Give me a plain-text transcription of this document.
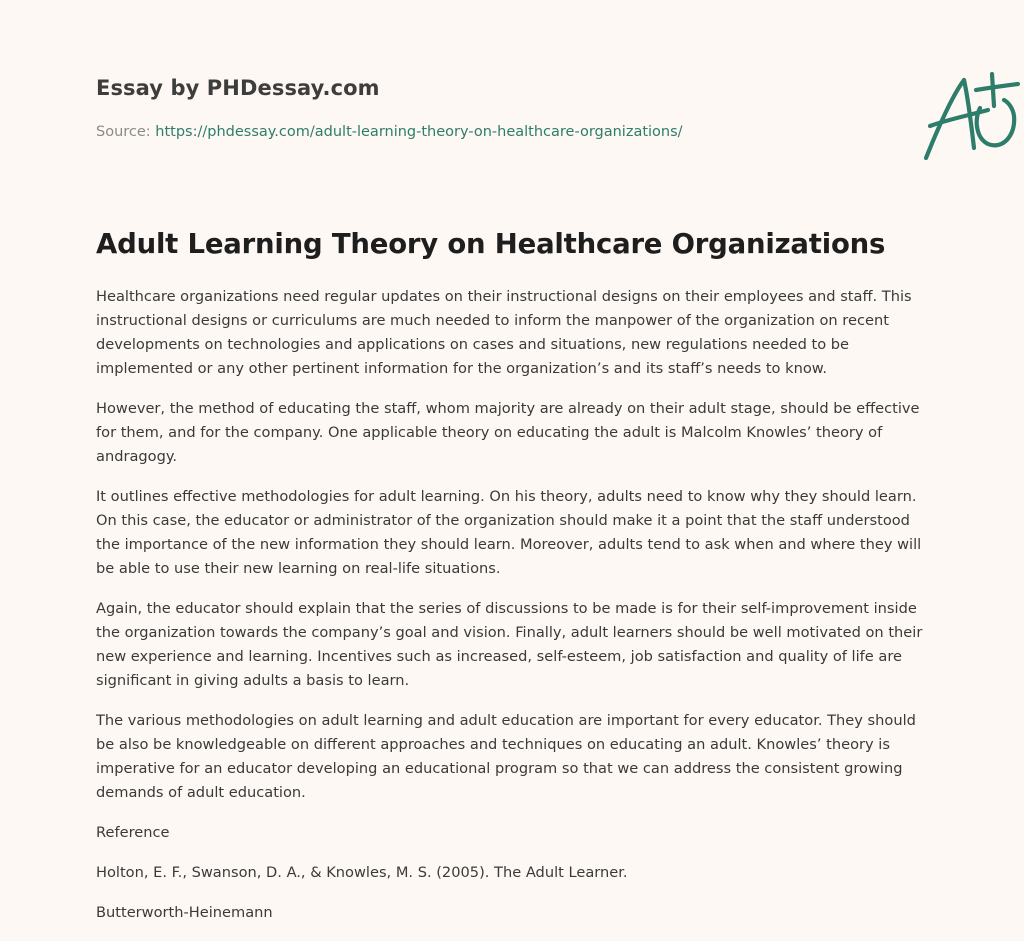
Essay by PHDessay.com
Source: https://phdessay.com/adult-learning-theory-on-healthcare-organizations/
Adult Learning Theory on Healthcare Organizations

Healthcare organizations need regular updates on their instructional designs on their employees and staff. This instructional designs or curriculums are much needed to inform the manpower of the organization on recent developments on technologies and applications on cases and situations, new regulations needed to be implemented or any other pertinent information for the organization’s and its staff’s needs to know.

However, the method of educating the staff, whom majority are already on their adult stage, should be effective for them, and for the company. One applicable theory on educating the adult is Malcolm Knowles’ theory of andragogy.

It outlines effective methodologies for adult learning. On his theory, adults need to know why they should learn. On this case, the educator or administrator of the organization should make it a point that the staff understood the importance of the new information they should learn. Moreover, adults tend to ask when and where they will be able to use their new learning on real-life situations.

Again, the educator should explain that the series of discussions to be made is for their self-improvement inside the organization towards the company’s goal and vision. Finally, adult learners should be well motivated on their new experience and learning. Incentives such as increased, self-esteem, job satisfaction and quality of life are significant in giving adults a basis to learn.

The various methodologies on adult learning and adult education are important for every educator. They should be also be knowledgeable on different approaches and techniques on educating an adult. Knowles’ theory is imperative for an educator developing an educational program so that we can address the consistent growing demands of adult education.

Reference

Holton, E. F., Swanson, D. A., & Knowles, M. S. (2005). The Adult Learner.

Butterworth-Heinemann
